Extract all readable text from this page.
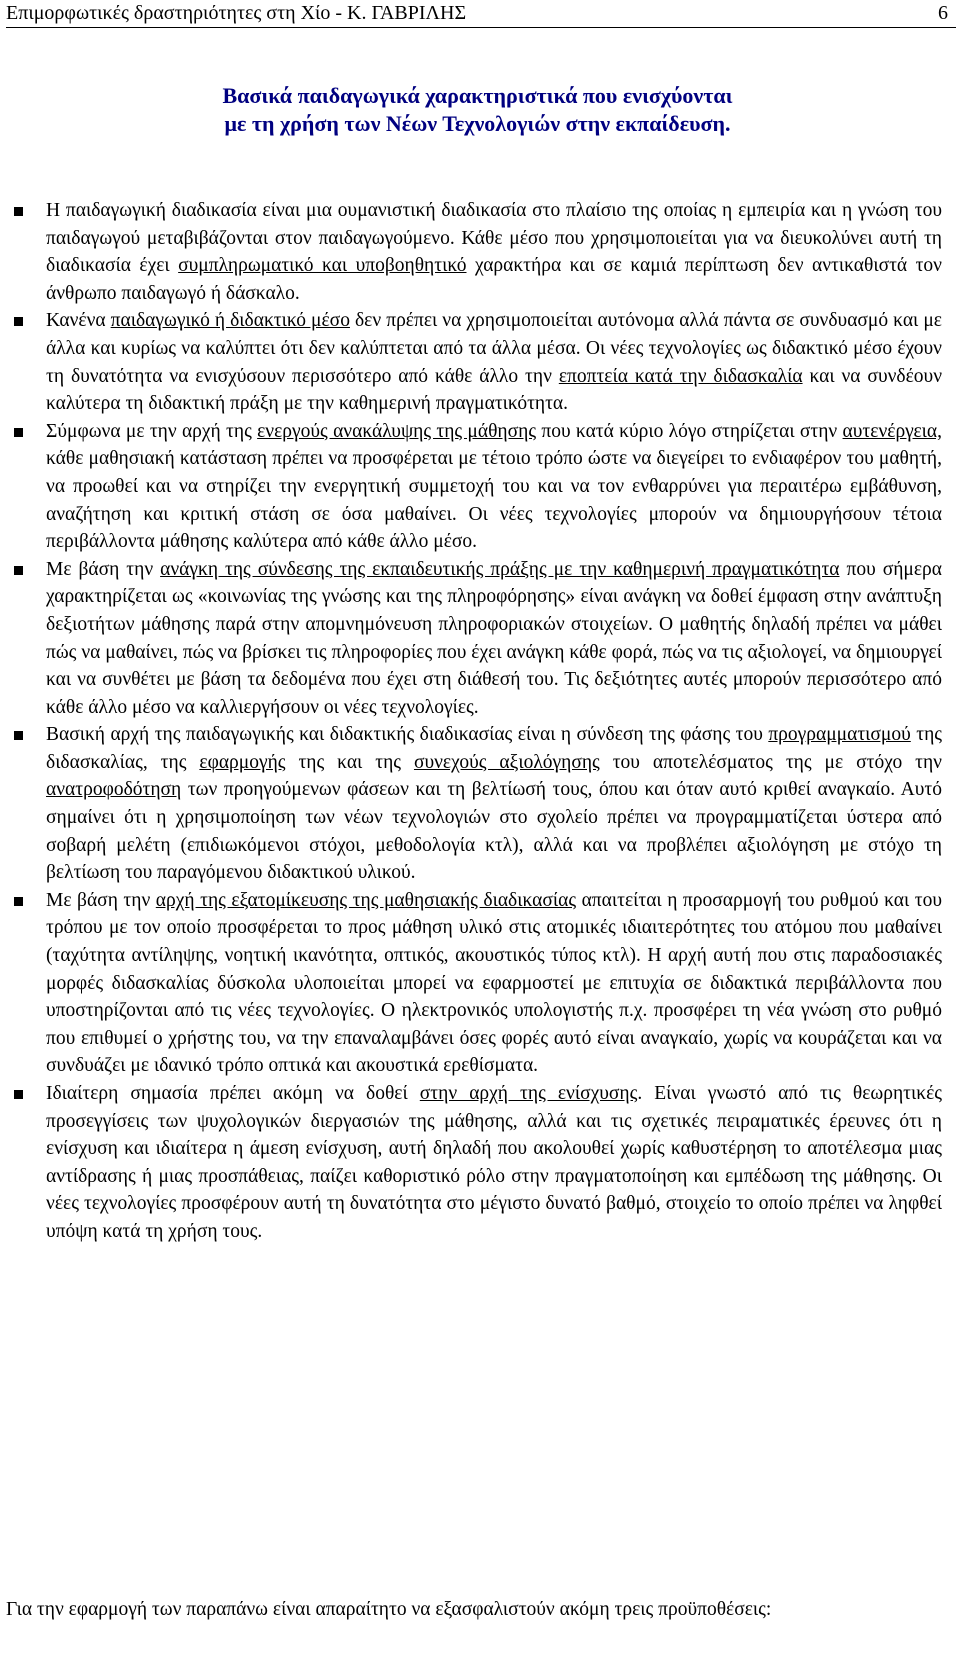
Επιμορφωτικές δραστηριότητες στη Χίο - Κ. ΓΑΒΡΙΛΗΣ	6
Βασικά παιδαγωγικά χαρακτηριστικά που ενισχύονται
με τη χρήση των Νέων Τεχνολογιών στην εκπαίδευση.

Η παιδαγωγική διαδικασία είναι μια ουμανιστική διαδικασία στο πλαίσιο της οποίας η εμπειρία και η γνώση του παιδαγωγού μεταβιβάζονται στον παιδαγωγούμενο. Κάθε μέσο που χρησιμοποιείται για να διευκολύνει αυτή τη διαδικασία έχει συμπληρωματικό και υποβοηθητικό χαρακτήρα και σε καμιά περίπτωση δεν αντικαθιστά τον άνθρωπο παιδαγωγό ή δάσκαλο.

Κανένα παιδαγωγικό ή διδακτικό μέσο δεν πρέπει να χρησιμοποιείται αυτόνομα αλλά πάντα σε συνδυασμό και με άλλα και κυρίως να καλύπτει ότι δεν καλύπτεται από τα άλλα μέσα. Οι νέες τεχνολογίες ως διδακτικό μέσο έχουν τη δυνατότητα να ενισχύσουν περισσότερο από κάθε άλλο την εποπτεία κατά την διδασκαλία και να συνδέουν καλύτερα τη διδακτική πράξη με την καθημερινή πραγματικότητα.

Σύμφωνα με την αρχή της ενεργούς ανακάλυψης της μάθησης που κατά κύριο λόγο στηρίζεται στην αυτενέργεια, κάθε μαθησιακή κατάσταση πρέπει να προσφέρεται με τέτοιο τρόπο ώστε να διεγείρει το ενδιαφέρον του μαθητή, να προωθεί και να στηρίζει την ενεργητική συμμετοχή του και να τον ενθαρρύνει για περαιτέρω εμβάθυνση, αναζήτηση και κριτική στάση σε όσα μαθαίνει. Οι νέες τεχνολογίες μπορούν να δημιουργήσουν τέτοια περιβάλλοντα μάθησης καλύτερα από κάθε άλλο μέσο.

Με βάση την ανάγκη της σύνδεσης της εκπαιδευτικής πράξης με την καθημερινή πραγματικότητα που σήμερα χαρακτηρίζεται ως «κοινωνίας της γνώσης και της πληροφόρησης» είναι ανάγκη να δοθεί έμφαση στην ανάπτυξη δεξιοτήτων μάθησης παρά στην απομνημόνευση πληροφοριακών στοιχείων. Ο μαθητής δηλαδή πρέπει να μάθει πώς να μαθαίνει, πώς να βρίσκει τις πληροφορίες που έχει ανάγκη κάθε φορά, πώς να τις αξιολογεί, να δημιουργεί και να συνθέτει με βάση τα δεδομένα που έχει στη διάθεσή του. Τις δεξιότητες αυτές μπορούν περισσότερο από κάθε άλλο μέσο να καλλιεργήσουν οι νέες τεχνολογίες.

Βασική αρχή της παιδαγωγικής και διδακτικής διαδικασίας είναι η σύνδεση της φάσης του προγραμματισμού της διδασκαλίας, της εφαρμογής της και της συνεχούς αξιολόγησης του αποτελέσματος της με στόχο την ανατροφοδότηση των προηγούμενων φάσεων και τη βελτίωσή τους, όπου και όταν αυτό κριθεί αναγκαίο. Αυτό σημαίνει ότι η χρησιμοποίηση των νέων τεχνολογιών στο σχολείο πρέπει να προγραμματίζεται ύστερα από σοβαρή μελέτη (επιδιωκόμενοι στόχοι, μεθοδολογία κτλ), αλλά και να προβλέπει αξιολόγηση με στόχο τη βελτίωση του παραγόμενου διδακτικού υλικού.

Με βάση την αρχή της εξατομίκευσης της μαθησιακής διαδικασίας απαιτείται η προσαρμογή του ρυθμού και του τρόπου με τον οποίο προσφέρεται το προς μάθηση υλικό στις ατομικές ιδιαιτερότητες του ατόμου που μαθαίνει (ταχύτητα αντίληψης, νοητική ικανότητα, οπτικός, ακουστικός τύπος κτλ). Η αρχή αυτή που στις παραδοσιακές μορφές διδασκαλίας δύσκολα υλοποιείται μπορεί να εφαρμοστεί με επιτυχία σε διδακτικά περιβάλλοντα που υποστηρίζονται από τις νέες τεχνολογίες. Ο ηλεκτρονικός υπολογιστής π.χ. προσφέρει τη νέα γνώση στο ρυθμό που επιθυμεί ο χρήστης του, να την επαναλαμβάνει όσες φορές αυτό είναι αναγκαίο, χωρίς να κουράζεται και να συνδυάζει με ιδανικό τρόπο οπτικά και ακουστικά ερεθίσματα.

Ιδιαίτερη σημασία πρέπει ακόμη να δοθεί στην αρχή της ενίσχυσης. Είναι γνωστό από τις θεωρητικές προσεγγίσεις των ψυχολογικών διεργασιών της μάθησης, αλλά και τις σχετικές πειραματικές έρευνες ότι η ενίσχυση και ιδιαίτερα η άμεση ενίσχυση, αυτή δηλαδή που ακολουθεί χωρίς καθυστέρηση το αποτέλεσμα μιας αντίδρασης ή μιας προσπάθειας, παίζει καθοριστικό ρόλο στην πραγματοποίηση και εμπέδωση της μάθησης. Οι νέες τεχνολογίες προσφέρουν αυτή τη δυνατότητα στο μέγιστο δυνατό βαθμό, στοιχείο το οποίο πρέπει να ληφθεί υπόψη κατά τη χρήση τους.

Για την εφαρμογή των παραπάνω είναι απαραίτητο να εξασφαλιστούν ακόμη τρεις προϋποθέσεις:
